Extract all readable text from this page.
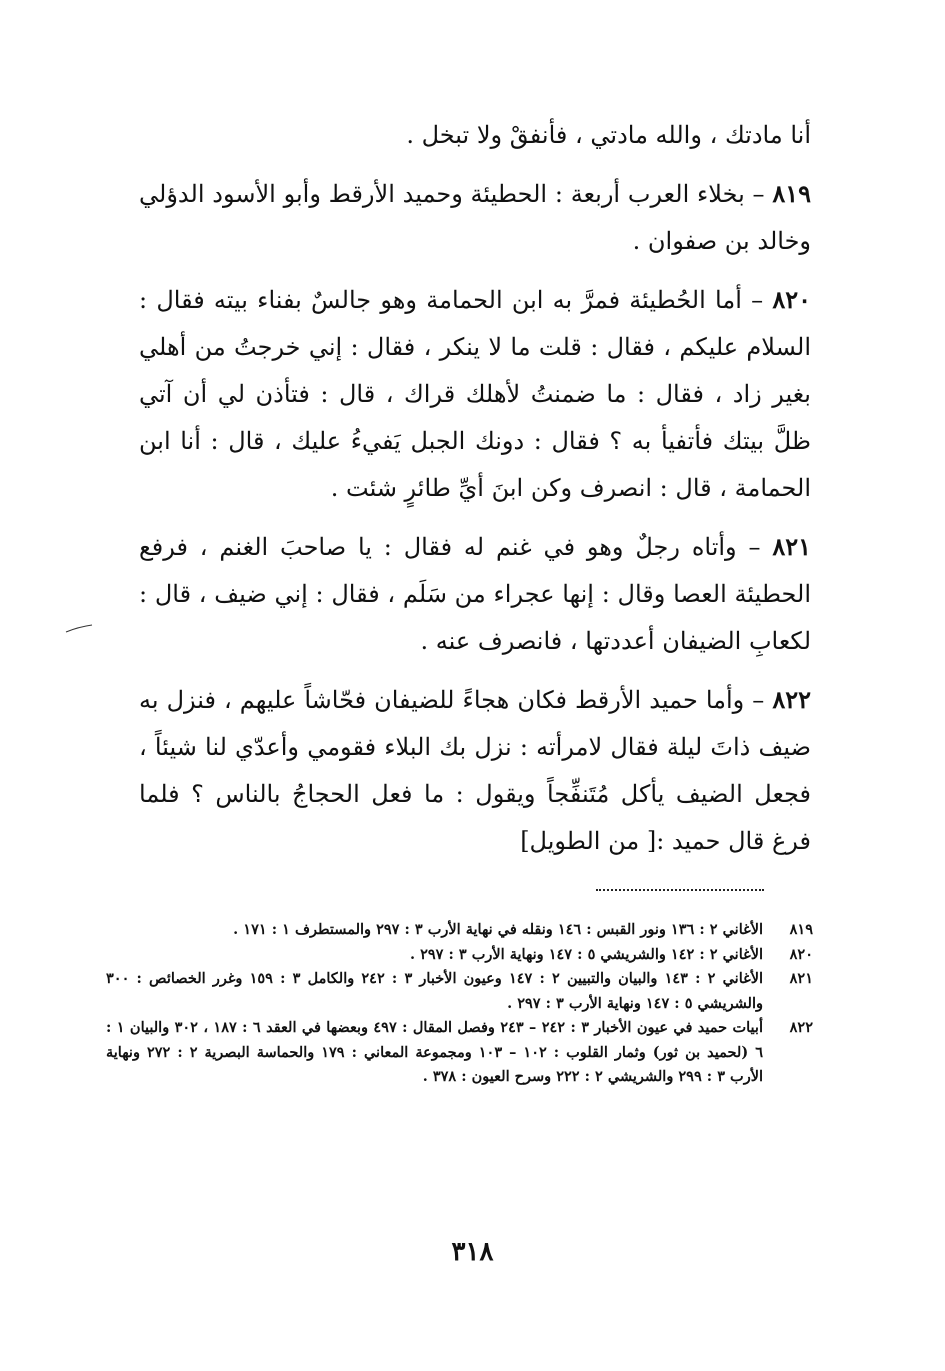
أنا مادتك ، والله مادتي ، فأنفقْ ولا تبخل .

٨١٩ – بخلاء العرب أربعة : الحطيئة وحميد الأرقط وأبو الأسود الدؤلي وخالد بن صفوان .

٨٢٠ – أما الحُطيئة فمرَّ به ابن الحمامة وهو جالسٌ بفناء بيته فقال : السلام عليكم ، فقال : قلت ما لا ينكر ، فقال : إني خرجتُ من أهلي بغير زاد ، فقال : ما ضمنتُ لأهلك قراك ، قال : فتأذن لي أن آتي ظلَّ بيتك فأتفيأ به ؟ فقال : دونك الجبل يَفيءُ عليك ، قال : أنا ابن الحمامة ، قال : انصرف وكن ابنَ أيِّ طائرٍ شئت .

٨٢١ – وأتاه رجلٌ وهو في غنم له فقال : يا صاحبَ الغنم ، فرفع الحطيئة العصا وقال : إنها عجراء من سَلَم ، فقال : إني ضيف ، قال : لكعابِ الضيفان أعددتها ، فانصرف عنه .

٨٢٢ – وأما حميد الأرقط فكان هجاءً للضيفان فحّاشاً عليهم ، فنزل به ضيف ذاتَ ليلة فقال لامرأته : نزل بك البلاء فقومي وأعدّي لنا شيئاً ، فجعل الضيف يأكل مُتَنفِّجاً ويقول : ما فعل الحجاجُ بالناس ؟ فلما فرغ قال حميد :[ من الطويل]

٨١٩
الأغاني ٢ : ١٣٦ ونور القبس : ١٤٦ ونقله في نهاية الأرب ٣ : ٢٩٧ والمستطرف ١ : ١٧١ .

٨٢٠
الأغاني ٢ : ١٤٢ والشريشي ٥ : ١٤٧ ونهاية الأرب ٣ : ٢٩٧ .

٨٢١
الأغاني ٢ : ١٤٣ والبيان والتبيين ٢ : ١٤٧ وعيون الأخبار ٣ : ٢٤٢ والكامل ٣ : ١٥٩ وغرر الخصائص : ٣٠٠ والشريشي ٥ : ١٤٧ ونهاية الأرب ٣ : ٢٩٧ .

٨٢٢
أبيات حميد في عيون الأخبار ٣ : ٢٤٢ – ٢٤٣ وفصل المقال : ٤٩٧ وبعضها في العقد ٦ : ١٨٧ ، ٣٠٢ والبيان ١ : ٦ (لحميد بن ثور) وثمار القلوب : ١٠٢ – ١٠٣ ومجموعة المعاني : ١٧٩ والحماسة البصرية ٢ : ٢٧٢ ونهاية الأرب ٣ : ٢٩٩ والشريشي ٢ : ٢٢٢ وسرح العيون : ٣٧٨ .

٣١٨
